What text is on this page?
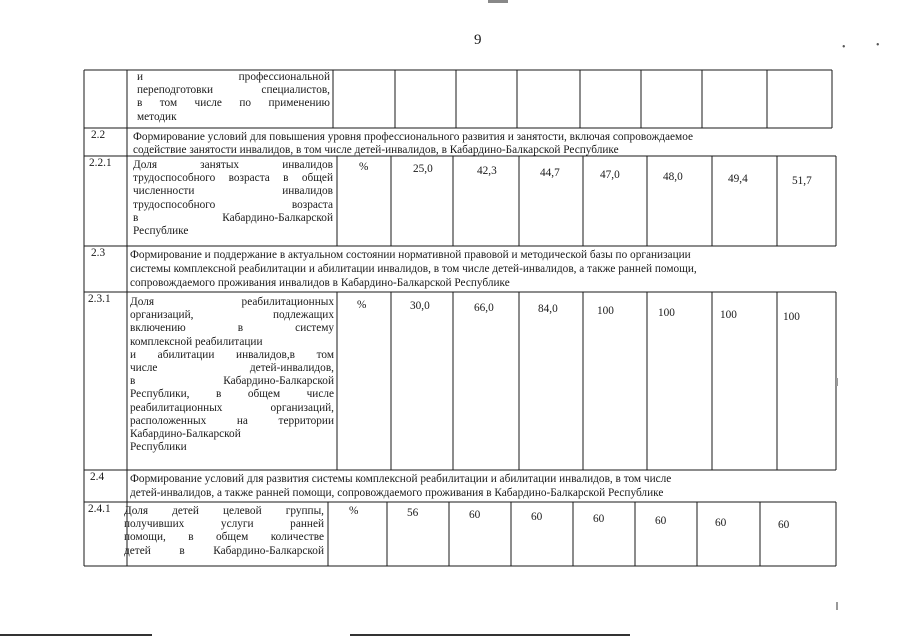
9	•	•
и профессиональной
переподготовки специалистов,
в том числе по применению
методик
2.2 Формирование условий для повышения уровня профессионального развития и занятости, включая сопровождаемое
содействие занятости инвалидов, в том числе детей-инвалидов, в Кабардино-Балкарской Республике
2.2.1 Доля занятых инвалидов
трудоспособного возраста в общей
численности инвалидов
трудоспособного возраста
в Кабардино-Балкарской
Республике
%	25,0	42,3	44,7	47,0	48,0	49,4	51,7
2.3 Формирование и поддержание в актуальном состоянии нормативной правовой и методической базы по организации
системы комплексной реабилитации и абилитации инвалидов, в том числе детей-инвалидов, а также ранней помощи,
сопровождаемого проживания инвалидов в Кабардино-Балкарской Республике
2.3.1 Доля реабилитационных
организаций, подлежащих
включению в систему
комплексной реабилитации
и абилитации инвалидов,в том
числе детей-инвалидов,
в Кабардино-Балкарской
Республики, в общем числе
реабилитационных организаций,
расположенных на территории
Кабардино-Балкарской
Республики
%	30,0	66,0	84,0	100	100	100	100
2.4 Формирование условий для развития системы комплексной реабилитации и абилитации инвалидов, в том числе
детей-инвалидов, а также ранней помощи, сопровождаемого проживания в Кабардино-Балкарской Республике
2.4.1 Доля детей целевой группы,
получивших услуги ранней
помощи, в общем количестве
детей в Кабардино-Балкарской
%	56	60	60	60	60	60	60
